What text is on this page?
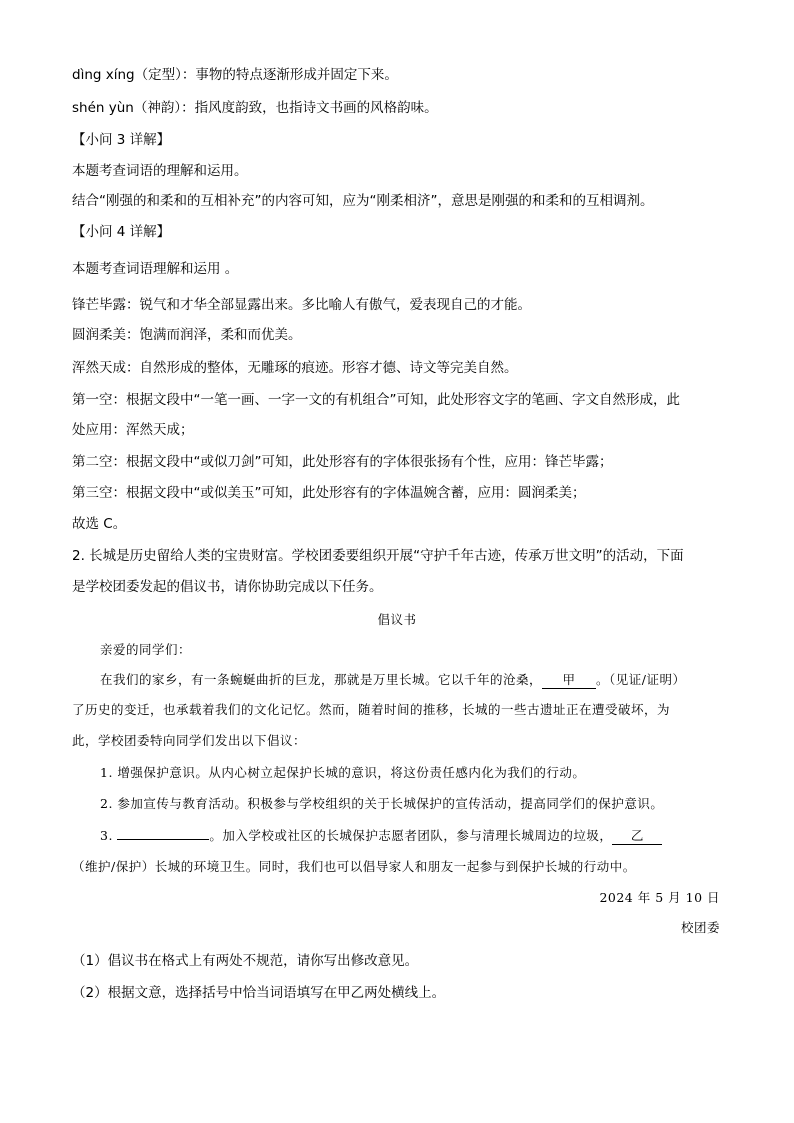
dìng xíng（定型）：事物的特点逐渐形成并固定下来。
shén yùn（神韵）：指风度韵致，也指诗文书画的风格韵味。
【小问 3 详解】
本题考查词语的理解和运用。
结合“刚强的和柔和的互相补充”的内容可知，应为“刚柔相济”，意思是刚强的和柔和的互相调剂。
【小问 4 详解】
本题考查词语理解和运用 。
锋芒毕露：锐气和才华全部显露出来。多比喻人有傲气，爱表现自己的才能。
圆润柔美：饱满而润泽，柔和而优美。
浑然天成：自然形成的整体，无雕琢的痕迹。形容才德、诗文等完美自然。
第一空：根据文段中“一笔一画、一字一文的有机组合”可知，此处形容文字的笔画、字文自然形成，此
处应用：浑然天成；
第二空：根据文段中“或似刀剑”可知，此处形容有的字体很张扬有个性，应用：锋芒毕露；
第三空：根据文段中“或似美玉”可知，此处形容有的字体温婉含蓄，应用：圆润柔美；
故选 C。
2. 长城是历史留给人类的宝贵财富。学校团委要组织开展“守护千年古迹，传承万世文明”的活动，下面
是学校团委发起的倡议书，请你协助完成以下任务。
倡议书
亲爱的同学们：
在我们的家乡，有一条蜿蜒曲折的巨龙，那就是万里长城。它以千年的沧桑， 甲 。（见证/证明）
了历史的变迁，也承载着我们的文化记忆。然而，随着时间的推移，长城的一些古遗址正在遭受破坏，为
此，学校团委特向同学们发出以下倡议：
1. 增强保护意识。从内心树立起保护长城的意识，将这份责任感内化为我们的行动。
2. 参加宣传与教育活动。积极参与学校组织的关于长城保护的宣传活动，提高同学们的保护意识。
3.	。加入学校或社区的长城保护志愿者团队，参与清理长城周边的垃圾， 乙
（维护/保护）长城的环境卫生。同时，我们也可以倡导家人和朋友一起参与到保护长城的行动中。
2024 年 5 月 10 日
校团委
（1）倡议书在格式上有两处不规范，请你写出修改意见。
（2）根据文意，选择括号中恰当词语填写在甲乙两处横线上。
